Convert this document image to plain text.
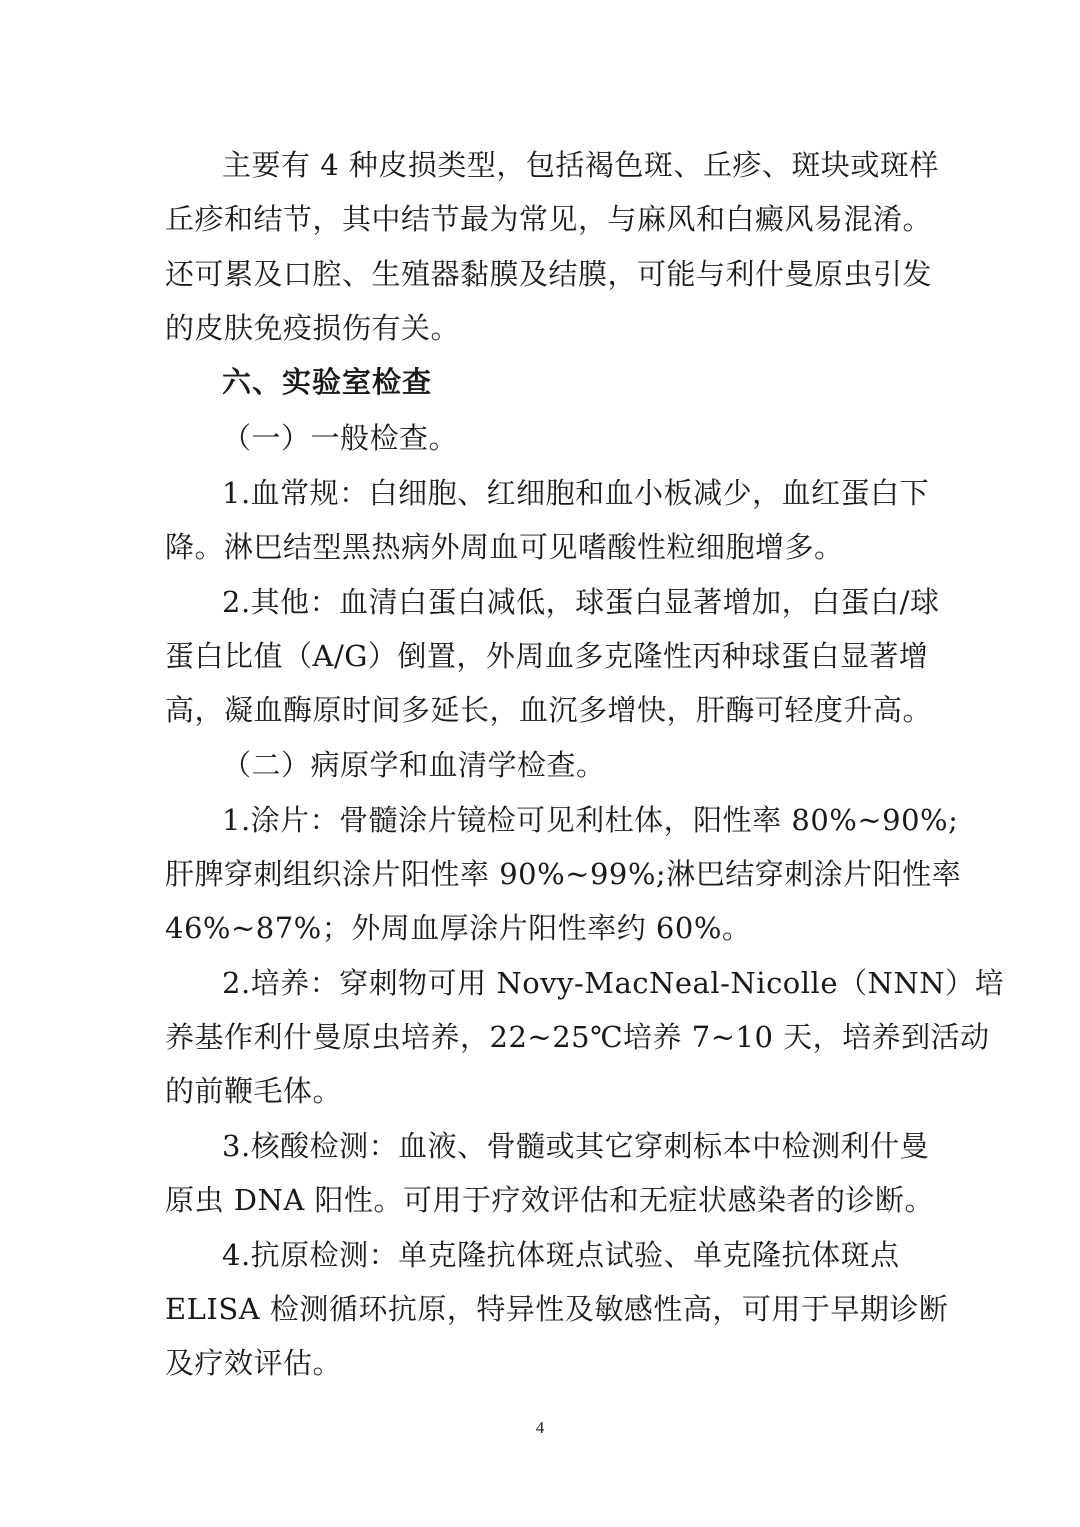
主要有 4 种皮损类型，包括褐色斑、丘疹、斑块或斑样
丘疹和结节，其中结节最为常见，与麻风和白癜风易混淆。
还可累及口腔、生殖器黏膜及结膜，可能与利什曼原虫引发
的皮肤免疫损伤有关。
六、实验室检查
（一）一般检查。
1.血常规：白细胞、红细胞和血小板减少，血红蛋白下
降。淋巴结型黑热病外周血可见嗜酸性粒细胞增多。
2.其他：血清白蛋白减低，球蛋白显著增加，白蛋白/球
蛋白比值（A/G）倒置，外周血多克隆性丙种球蛋白显著增
高，凝血酶原时间多延长，血沉多增快，肝酶可轻度升高。
（二）病原学和血清学检查。
1.涂片：骨髓涂片镜检可见利杜体，阳性率 80%~90%;
肝脾穿刺组织涂片阳性率 90%~99%;淋巴结穿刺涂片阳性率
46%~87%；外周血厚涂片阳性率约 60%。
2.培养：穿刺物可用 Novy-MacNeal-Nicolle（NNN）培
养基作利什曼原虫培养，22~25℃培养 7~10 天，培养到活动
的前鞭毛体。
3.核酸检测：血液、骨髓或其它穿刺标本中检测利什曼
原虫 DNA 阳性。可用于疗效评估和无症状感染者的诊断。
4.抗原检测：单克隆抗体斑点试验、单克隆抗体斑点
ELISA 检测循环抗原，特异性及敏感性高，可用于早期诊断
及疗效评估。
4
